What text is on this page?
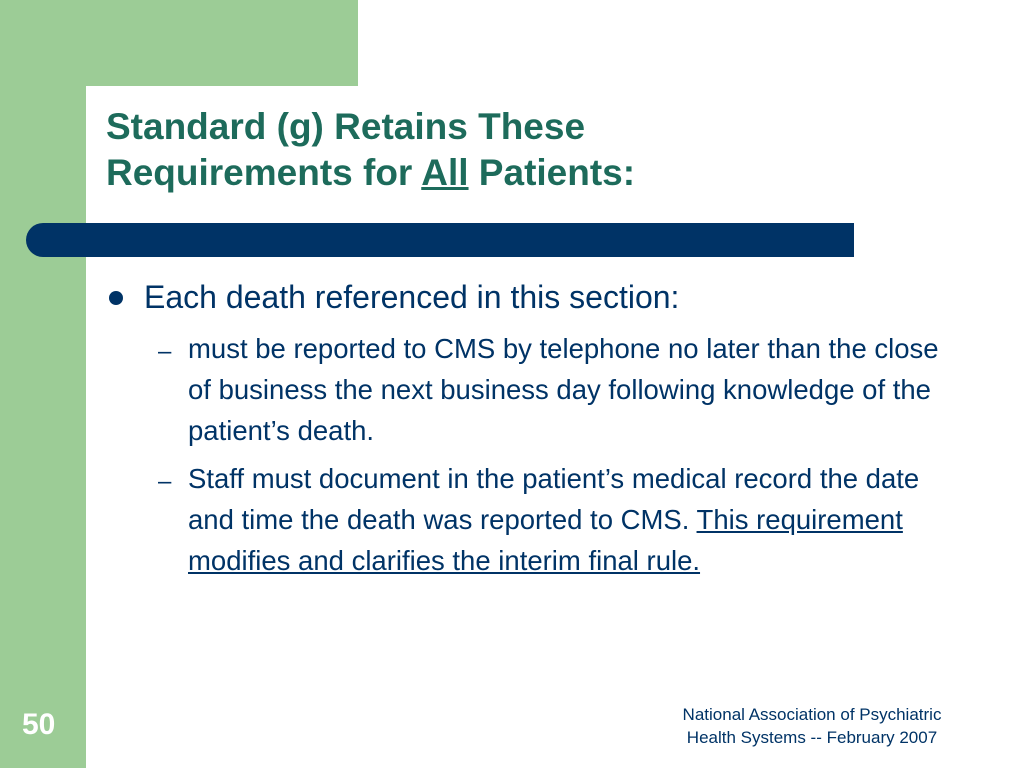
Standard (g) Retains These
Requirements for All Patients:

Each death referenced in this section:

– must be reported to CMS by telephone no later than the close of business the next business day following knowledge of the patient’s death.

– Staff must document in the patient’s medical record the date and time the death was reported to CMS. This requirement modifies and clarifies the interim final rule.

50	National Association of Psychiatric
Health Systems -- February 2007
